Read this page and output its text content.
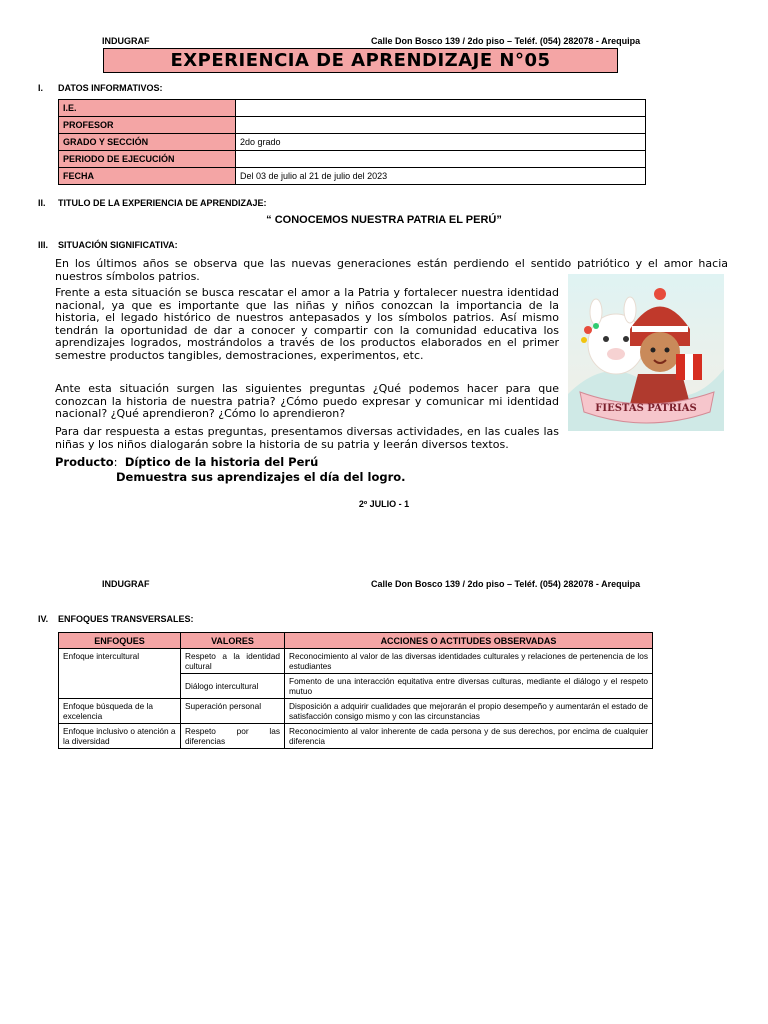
INDUGRAF	Calle Don Bosco 139 / 2do piso – Teléf. (054) 282078 - Arequipa
EXPERIENCIA DE APRENDIZAJE N°05
I. DATOS INFORMATIVOS:
I.E.	
PROFESOR	
GRADO Y SECCIÓN	2do grado
PERIODO DE EJECUCIÓN	
FECHA	Del 03 de julio al 21 de julio del 2023
II. TITULO DE LA EXPERIENCIA DE APRENDIZAJE:
“ CONOCEMOS NUESTRA PATRIA EL PERÚ”
III. SITUACIÓN SIGNIFICATIVA:
En los últimos años se observa que las nuevas generaciones están perdiendo el sentido patriótico y el amor hacia nuestros símbolos patrios.
Frente a esta situación se busca rescatar el amor a la Patria y fortalecer nuestra identidad nacional, ya que es importante que las niñas y niños conozcan la importancia de la historia, el legado histórico de nuestros antepasados y los símbolos patrios. Así mismo tendrán la oportunidad de dar a conocer y compartir con la comunidad educativa los aprendizajes logrados, mostrándolos a través de los productos elaborados en el primer semestre productos tangibles, demostraciones, experimentos, etc.
Ante esta situación surgen las siguientes preguntas ¿Qué podemos hacer para que conozcan la historia de nuestra patria? ¿Cómo puedo expresar y comunicar mi identidad nacional? ¿Qué aprendieron? ¿Cómo lo aprendieron?
Para dar respuesta a estas preguntas, presentamos diversas actividades, en las cuales las niñas y los niños dialogarán sobre la historia de su patria y leerán diversos textos.
Producto:  Díptico de la historia del Perú
Demuestra sus aprendizajes el día del logro.
FIESTAS PATRIAS
2º JULIO - 1
INDUGRAF	Calle Don Bosco 139 / 2do piso – Teléf. (054) 282078 - Arequipa
IV. ENFOQUES TRANSVERSALES:
ENFOQUES	VALORES	ACCIONES O ACTITUDES OBSERVADAS
Enfoque intercultural	Respeto a la identidad cultural	Reconocimiento al valor de las diversas identidades culturales y relaciones de pertenencia de los estudiantes
	Diálogo intercultural	Fomento de una interacción equitativa entre diversas culturas, mediante el diálogo y el respeto mutuo
Enfoque búsqueda de la excelencia	Superación personal	Disposición a adquirir cualidades que mejorarán el propio desempeño y aumentarán el estado de satisfacción consigo mismo y con las circunstancias
Enfoque inclusivo o atención a la diversidad	Respeto por las diferencias	Reconocimiento al valor inherente de cada persona y de sus derechos, por encima de cualquier diferencia
